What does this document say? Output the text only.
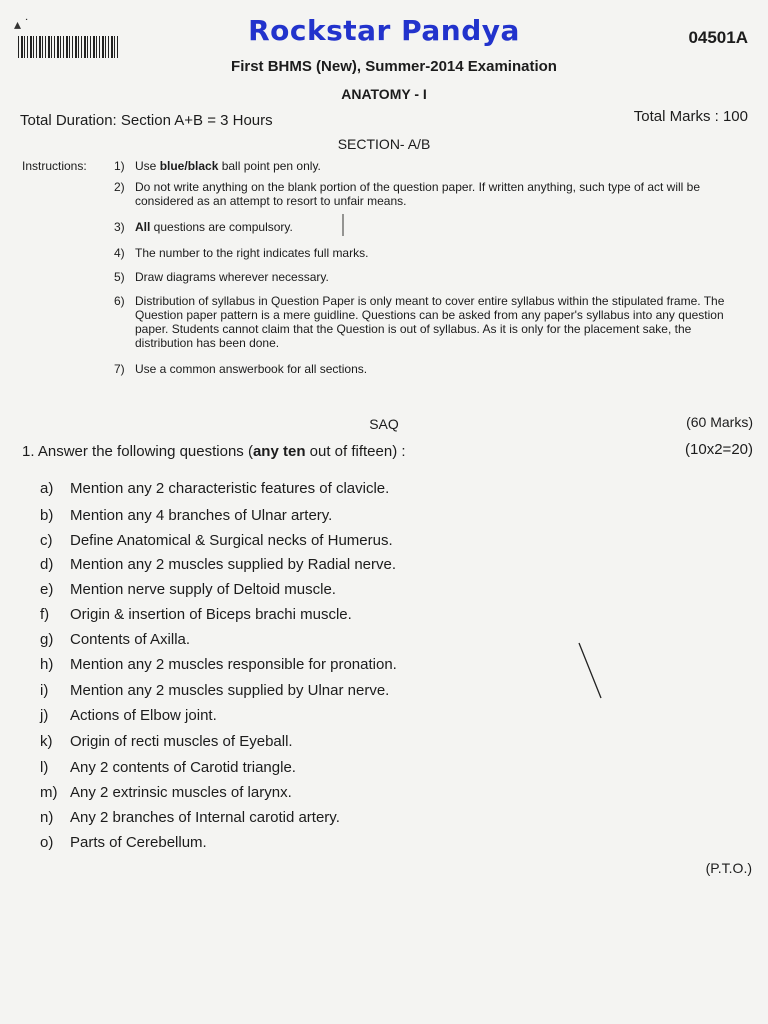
▴ ˙	Rockstar Pandya	04501A
First BHMS (New), Summer-2014 Examination
ANATOMY - I
Total Duration: Section A+B = 3 Hours	Total Marks : 100
SECTION- A/B
Instructions: 1) Use blue/black ball point pen only.
2) Do not write anything on the blank portion of the question paper. If written anything, such type of act will be considered as an attempt to resort to unfair means.
3) All questions are compulsory.
4) The number to the right indicates full marks.
5) Draw diagrams wherever necessary.
6) Distribution of syllabus in Question Paper is only meant to cover entire syllabus within the stipulated frame. The Question paper pattern is a mere guidline. Questions can be asked from any paper's syllabus into any question paper. Students cannot claim that the Question is out of syllabus. As it is only for the placement sake, the distribution has been done.
7) Use a common answerbook for all sections.
SAQ	(60 Marks)
1. Answer the following questions (any ten out of fifteen) :	(10x2=20)
a) Mention any 2 characteristic features of clavicle.
b) Mention any 4 branches of Ulnar artery.
c) Define Anatomical & Surgical necks of Humerus.
d) Mention any 2 muscles supplied by Radial nerve.
e) Mention nerve supply of Deltoid muscle.
f) Origin & insertion of Biceps brachi muscle.
g) Contents of Axilla.
h) Mention any 2 muscles responsible for pronation.
i) Mention any 2 muscles supplied by Ulnar nerve.
j) Actions of Elbow joint.
k) Origin of recti muscles of Eyeball.
l) Any 2 contents of Carotid triangle.
m) Any 2 extrinsic muscles of larynx.
n) Any 2 branches of Internal carotid artery.
o) Parts of Cerebellum.
(P.T.O.)
